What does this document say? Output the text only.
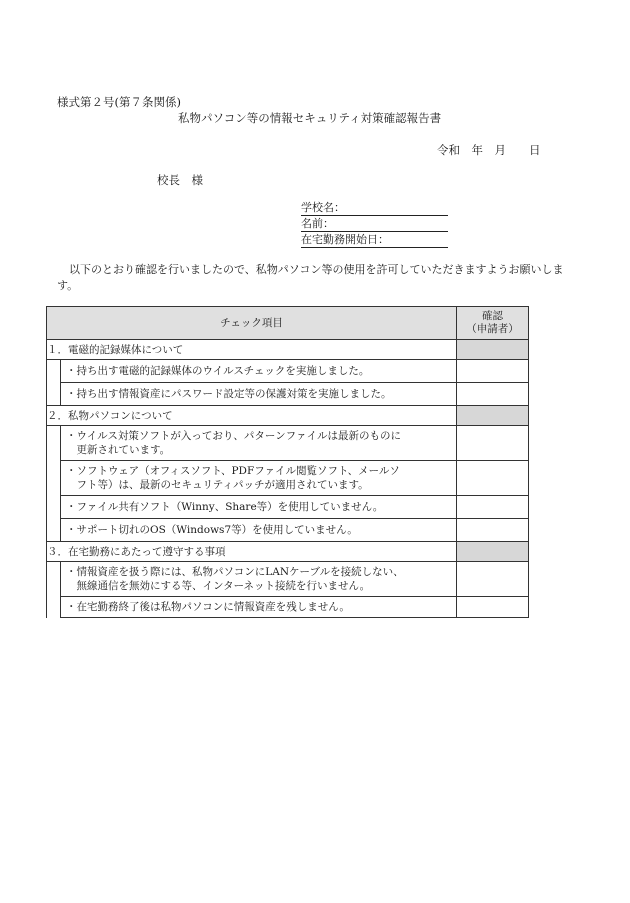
様式第２号(第７条関係)
私物パソコン等の情報セキュリティ対策確認報告書
令和　年　月　　日
校長　様
学校名：
名前：
在宅勤務開始日：
以下のとおり確認を行いましたので、私物パソコン等の使用を許可していただきますようお願いします。
チェック項目		確認
（申請者）
１．電磁的記録媒体について		
	・持ち出す電磁的記録媒体のウイルスチェックを実施しました。	
	・持ち出す情報資産にパスワード設定等の保護対策を実施しました。	
２．私物パソコンについて		
	・ウイルス対策ソフトが入っており、パターンファイルは最新のものに
　更新されています。	
	・ソフトウェア（オフィスソフト、PDFファイル閲覧ソフト、メールソ
　フト等）は、最新のセキュリティパッチが適用されています。	
	・ファイル共有ソフト（Winny、Share等）を使用していません。	
	・サポート切れのOS（Windows7等）を使用していません。	
３．在宅勤務にあたって遵守する事項		
	・情報資産を扱う際には、私物パソコンにLANケーブルを接続しない、
　無線通信を無効にする等、インターネット接続を行いません。	
	・在宅勤務終了後は私物パソコンに情報資産を残しません。	
